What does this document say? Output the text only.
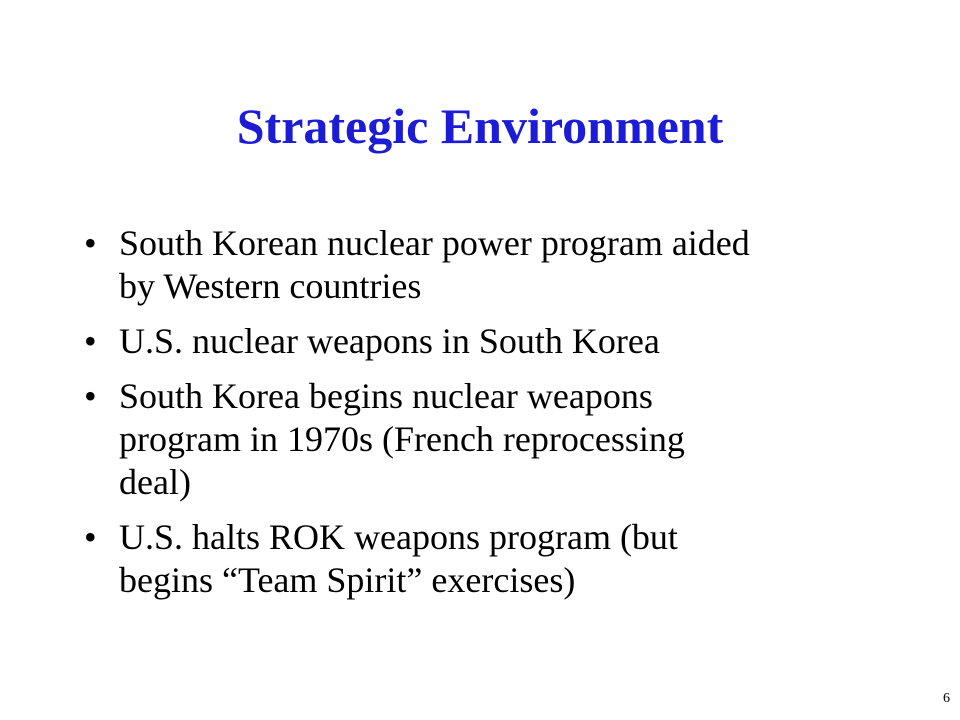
Strategic Environment
• South Korean nuclear power program aided
by Western countries
• U.S. nuclear weapons in South Korea
• South Korea begins nuclear weapons
program in 1970s (French reprocessing
deal)
• U.S. halts ROK weapons program (but
begins “Team Spirit” exercises)
6
